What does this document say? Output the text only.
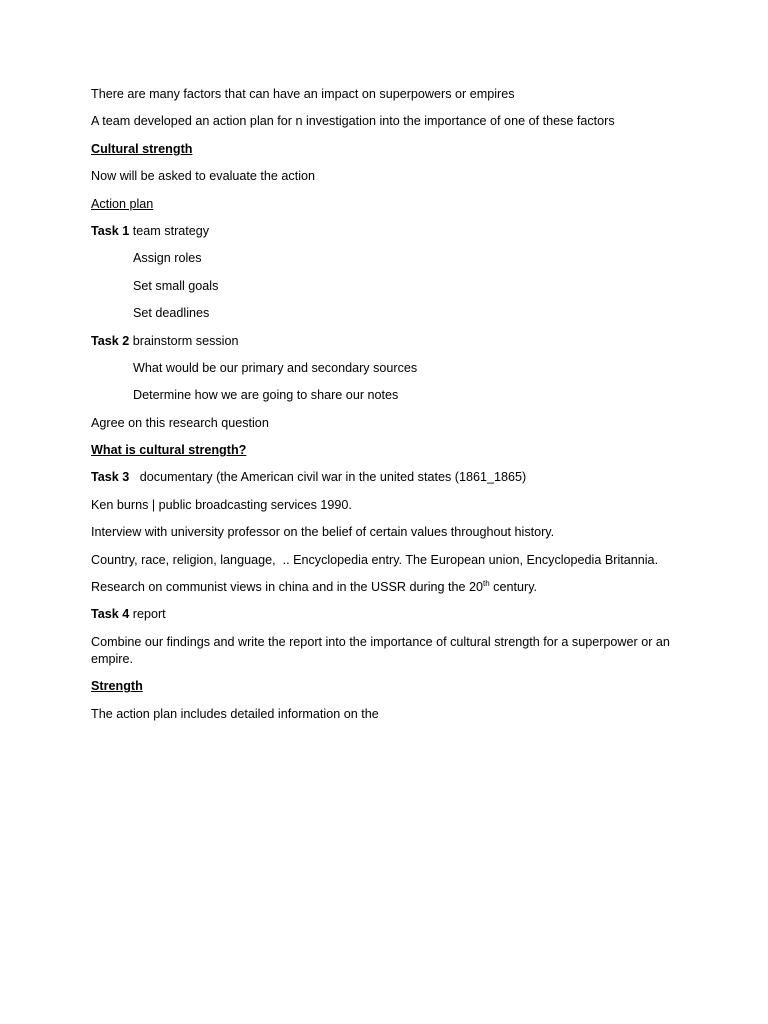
There are many factors that can have an impact on superpowers or empires

A team developed an action plan for n investigation into the importance of one of these factors

Cultural strength

Now will be asked to evaluate the action

Action plan

Task 1 team strategy

Assign roles

Set small goals

Set deadlines

Task 2 brainstorm session

What would be our primary and secondary sources

Determine how we are going to share our notes

Agree on this research question

What is cultural strength?

Task 3   documentary (the American civil war in the united states (1861_1865)

Ken burns | public broadcasting services 1990.

Interview with university professor on the belief of certain values throughout history.

Country, race, religion, language,  .. Encyclopedia entry. The European union, Encyclopedia Britannia.

Research on communist views in china and in the USSR during the 20th century.

Task 4 report

Combine our findings and write the report into the importance of cultural strength for a superpower or an empire.

Strength

The action plan includes detailed information on the
